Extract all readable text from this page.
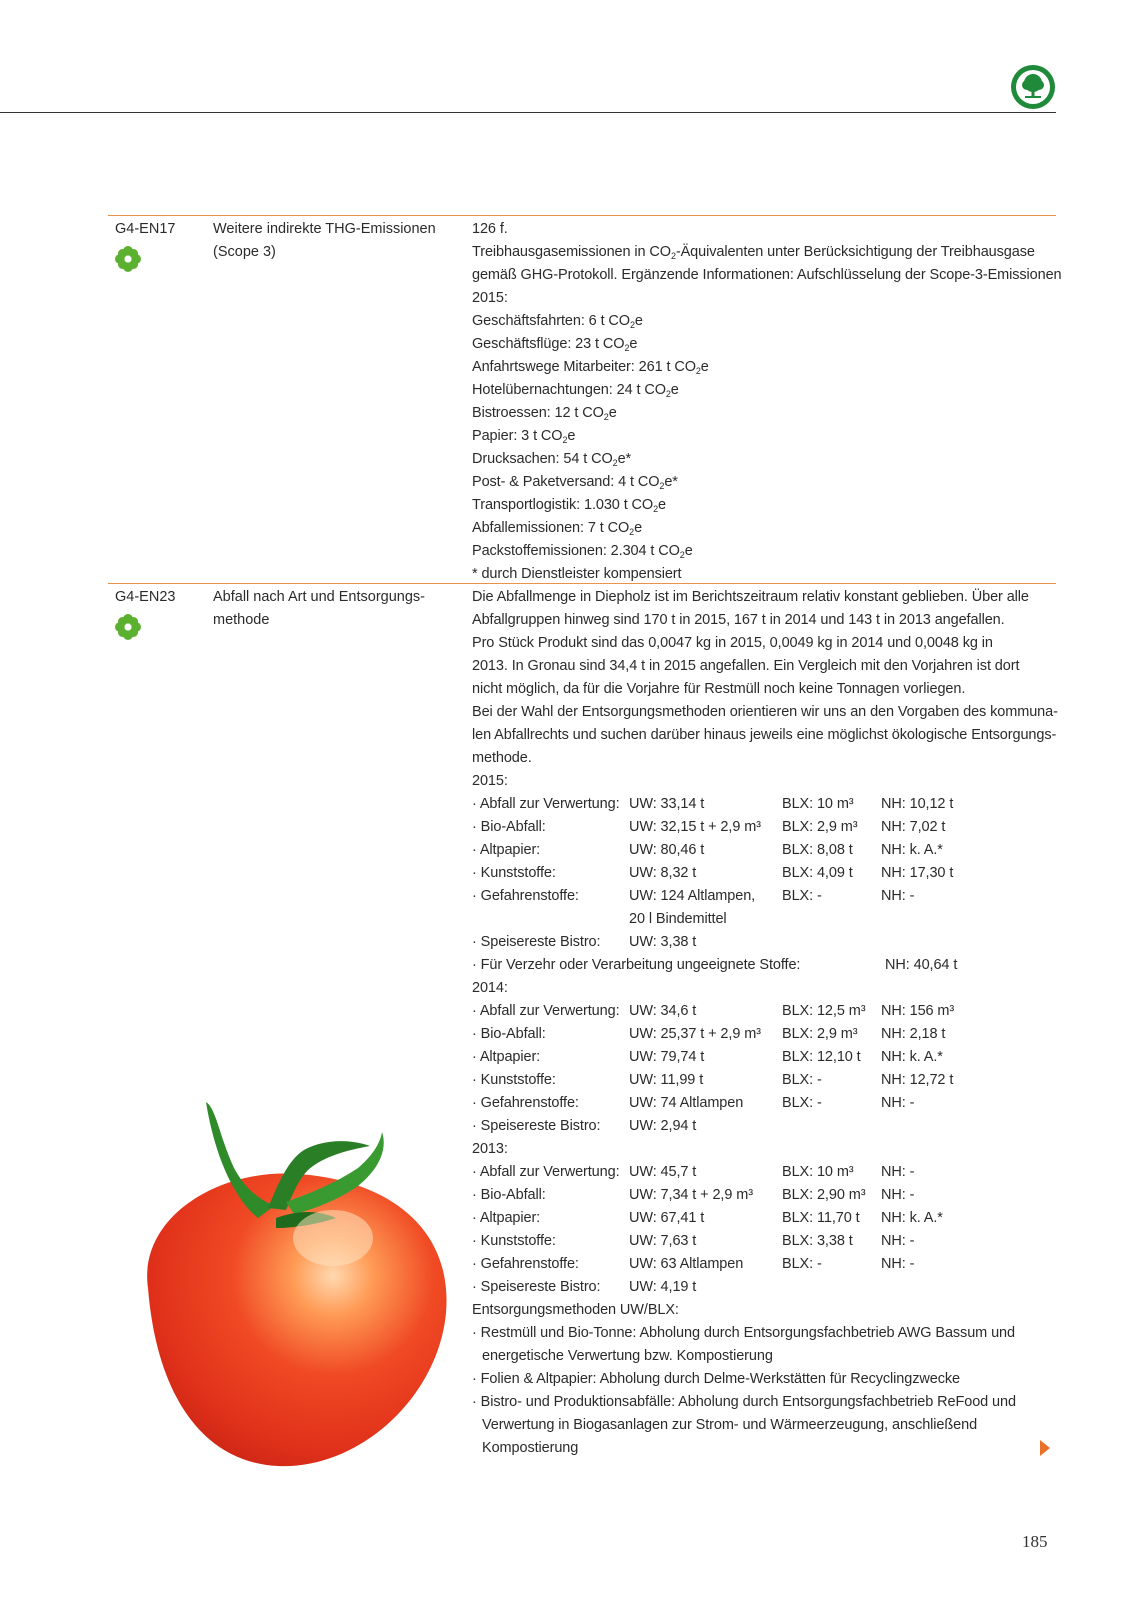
G4-EN17	Weitere indirekte THG-Emissionen
(Scope 3)
126 f.
Treibhausgasemissionen in $CO_2$-Äquivalenten unter Berücksichtigung der Treibhausgase
gemäß GHG-Protokoll. Ergänzende Informationen: Aufschlüsselung der Scope-3-Emissionen
2015:
Geschäftsfahrten: 6 t $CO_2e$
Geschäftsflüge: 23 t $CO_2e$
Anfahrtswege Mitarbeiter: 261 t $CO_2e$
Hotelübernachtungen: 24 t $CO_2e$
Bistroessen: 12 t $CO_2e$
Papier: 3 t $CO_2e$
Drucksachen: 54 t $CO_2e*$
Post- & Paketversand: 4 t $CO_2e*$
Transportlogistik: 1.030 t $CO_2e$
Abfallemissionen: 7 t $CO_2e$
Packstoffemissionen: 2.304 t $CO_2e$
* durch Dienstleister kompensiert
G4-EN23	Abfall nach Art und Entsorgungs-
methode
Die Abfallmenge in Diepholz ist im Berichtszeitraum relativ konstant geblieben. Über alle
Abfallgruppen hinweg sind 170 t in 2015, 167 t in 2014 und 143 t in 2013 angefallen.
Pro Stück Produkt sind das 0,0047 kg in 2015, 0,0049 kg in 2014 und 0,0048 kg in
2013. In Gronau sind 34,4 t in 2015 angefallen. Ein Vergleich mit den Vorjahren ist dort
nicht möglich, da für die Vorjahre für Restmüll noch keine Tonnagen vorliegen.
Bei der Wahl der Entsorgungsmethoden orientieren wir uns an den Vorgaben des kommuna-
len Abfallrechts und suchen darüber hinaus jeweils eine möglichst ökologische Entsorgungs-
methode.
2015:
· Abfall zur Verwertung: UW: 33,14 t	BLX: 10 m³ NH: 10,12 t
· Bio-Abfall:	UW: 32,15 t + 2,9 m³ BLX: 2,9 m³ NH: 7,02 t
· Altpapier:	UW: 80,46 t	BLX: 8,08 t NH: k. A.*
· Kunststoffe:	UW: 8,32 t	BLX: 4,09 t NH: 17,30 t
· Gefahrenstoffe:	UW: 124 Altlampen, BLX: -	NH: -
20 l Bindemittel
· Speisereste Bistro: UW: 3,38 t
· Für Verzehr oder Verarbeitung ungeeignete Stoffe:	NH: 40,64 t
2014:
· Abfall zur Verwertung: UW: 34,6 t	BLX: 12,5 m³ NH: 156 m³
· Bio-Abfall:	UW: 25,37 t + 2,9 m³ BLX: 2,9 m³ NH: 2,18 t
· Altpapier:	UW: 79,74 t	BLX: 12,10 t NH: k. A.*
· Kunststoffe:	UW: 11,99 t	BLX: -	NH: 12,72 t
· Gefahrenstoffe:	UW: 74 Altlampen	BLX: -	NH: -
· Speisereste Bistro: UW: 2,94 t
2013:
· Abfall zur Verwertung: UW: 45,7 t	BLX: 10 m³ NH: -
· Bio-Abfall:	UW: 7,34 t + 2,9 m³ BLX: 2,90 m³ NH: -
· Altpapier:	UW: 67,41 t	BLX: 11,70 t NH: k. A.*
· Kunststoffe:	UW: 7,63 t	BLX: 3,38 t NH: -
· Gefahrenstoffe:	UW: 63 Altlampen	BLX: -	NH: -
· Speisereste Bistro: UW: 4,19 t
Entsorgungsmethoden UW/BLX:
· Restmüll und Bio-Tonne: Abholung durch Entsorgungsfachbetrieb AWG Bassum und
energetische Verwertung bzw. Kompostierung
· Folien & Altpapier: Abholung durch Delme-Werkstätten für Recyclingzwecke
· Bistro- und Produktionsabfälle: Abholung durch Entsorgungsfachbetrieb ReFood und
Verwertung in Biogasanlagen zur Strom- und Wärmeerzeugung, anschließend
Kompostierung
185
